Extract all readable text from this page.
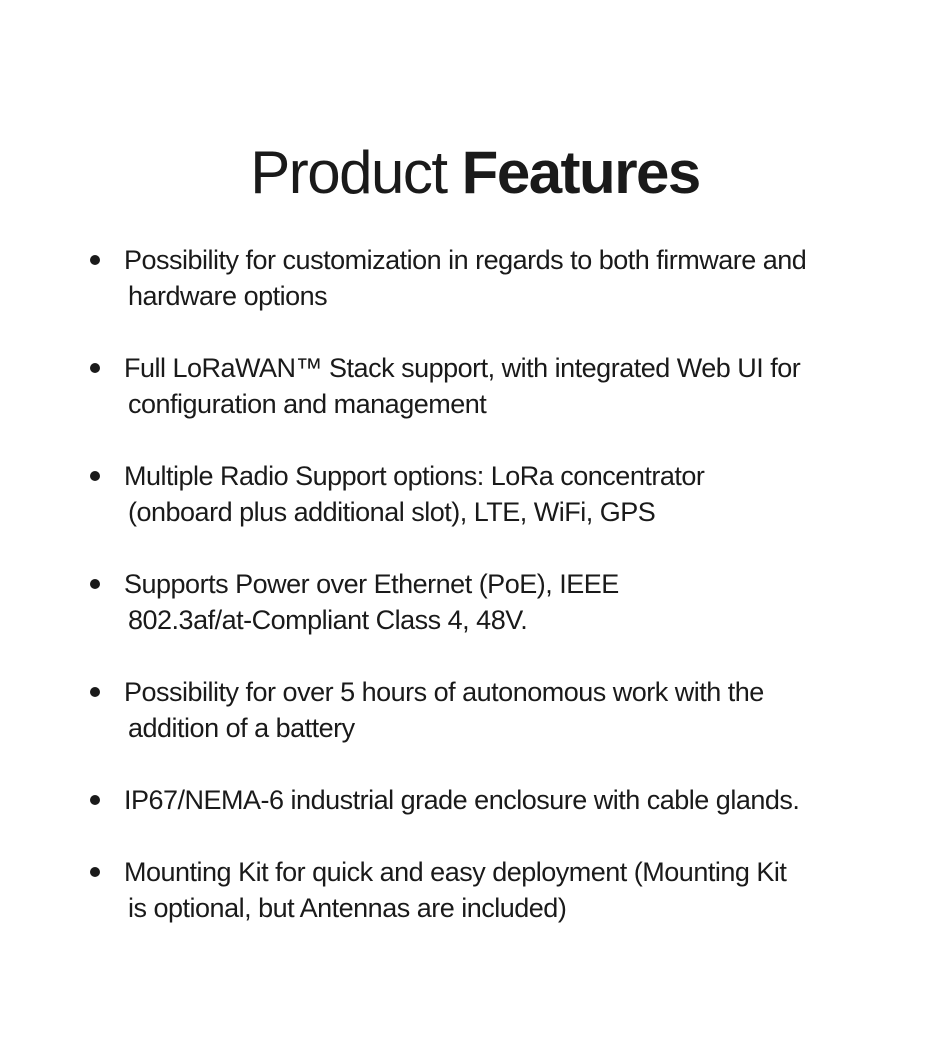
Product Features
Possibility for customization in regards to both firmware and
hardware options
Full LoRaWAN™ Stack support, with integrated Web UI for
configuration and management
Multiple Radio Support options: LoRa concentrator
(onboard plus additional slot), LTE, WiFi, GPS
Supports Power over Ethernet (PoE), IEEE
802.3af/at-Compliant Class 4, 48V.
Possibility for over 5 hours of autonomous work with the
addition of a battery
IP67/NEMA-6 industrial grade enclosure with cable glands.
Mounting Kit for quick and easy deployment (Mounting Kit
is optional, but Antennas are included)
